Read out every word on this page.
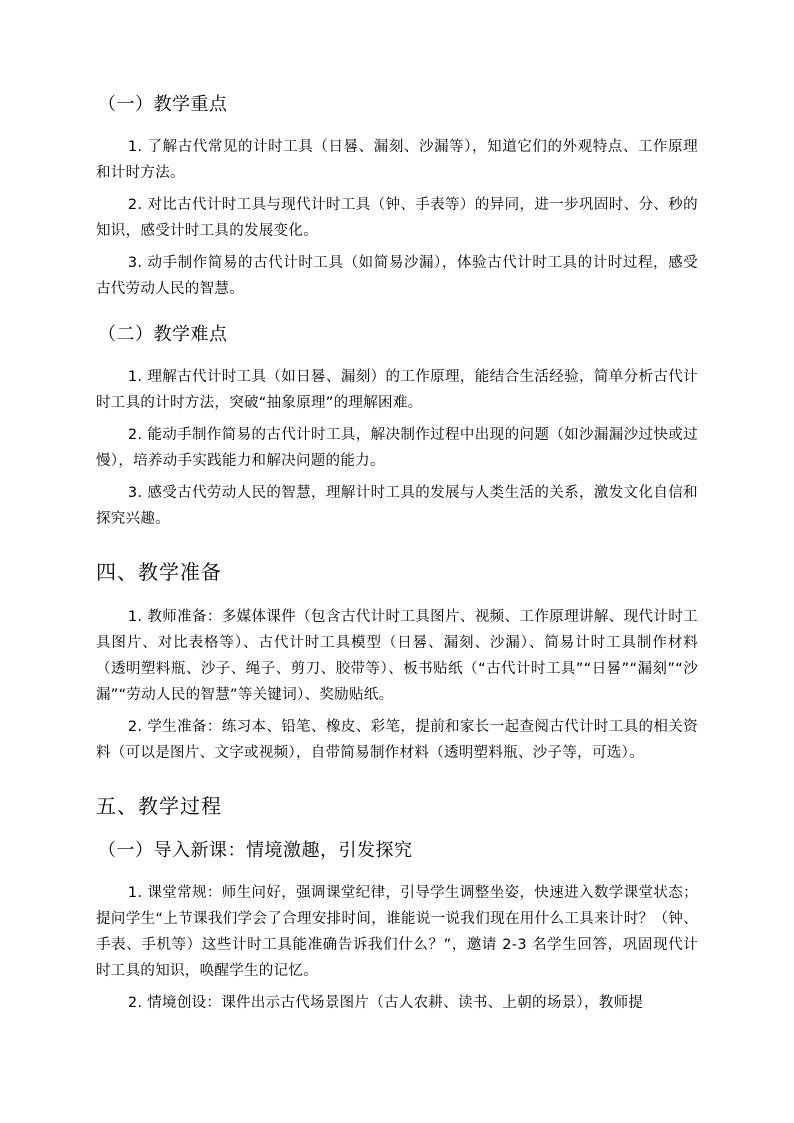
（一）教学重点

1. 了解古代常见的计时工具（日晷、漏刻、沙漏等），知道它们的外观特点、工作原理和计时方法。

2. 对比古代计时工具与现代计时工具（钟、手表等）的异同，进一步巩固时、分、秒的知识，感受计时工具的发展变化。

3. 动手制作简易的古代计时工具（如简易沙漏），体验古代计时工具的计时过程，感受古代劳动人民的智慧。

（二）教学难点

1. 理解古代计时工具（如日晷、漏刻）的工作原理，能结合生活经验，简单分析古代计时工具的计时方法，突破“抽象原理”的理解困难。

2. 能动手制作简易的古代计时工具，解决制作过程中出现的问题（如沙漏漏沙过快或过慢），培养动手实践能力和解决问题的能力。

3. 感受古代劳动人民的智慧，理解计时工具的发展与人类生活的关系，激发文化自信和探究兴趣。

四、教学准备

1. 教师准备：多媒体课件（包含古代计时工具图片、视频、工作原理讲解、现代计时工具图片、对比表格等）、古代计时工具模型（日晷、漏刻、沙漏）、简易计时工具制作材料（透明塑料瓶、沙子、绳子、剪刀、胶带等）、板书贴纸（“古代计时工具”“日晷”“漏刻”“沙漏”“劳动人民的智慧”等关键词）、奖励贴纸。

2. 学生准备：练习本、铅笔、橡皮、彩笔，提前和家长一起查阅古代计时工具的相关资料（可以是图片、文字或视频），自带简易制作材料（透明塑料瓶、沙子等，可选）。

五、教学过程
（一）导入新课：情境激趣，引发探究

1. 课堂常规：师生问好，强调课堂纪律，引导学生调整坐姿，快速进入数学课堂状态；提问学生“上节课我们学会了合理安排时间，谁能说一说我们现在用什么工具来计时？（钟、手表、手机等）这些计时工具能准确告诉我们什么？”，邀请 2-3 名学生回答，巩固现代计时工具的知识，唤醒学生的记忆。

2. 情境创设：课件出示古代场景图片（古人农耕、读书、上朝的场景），教师提
